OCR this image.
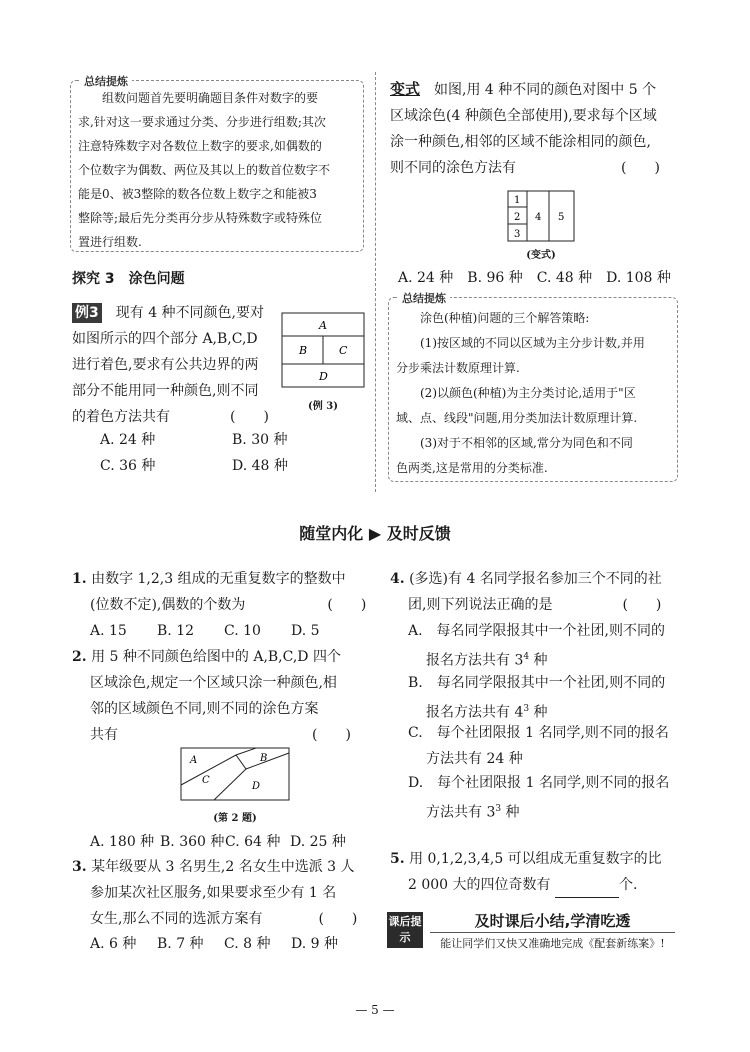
总结提炼
组数问题首先要明确题目条件对数字的要
求,针对这一要求通过分类、分步进行组数;其次
注意特殊数字对各数位上数字的要求,如偶数的
个位数字为偶数、两位及其以上的数首位数字不
能是0、被3整除的数各位数上数字之和能被3
整除等;最后先分类再分步从特殊数字或特殊位
置进行组数.
探究 3　涂色问题
例3　 现有 4 种不同颜色,要对
如图所示的四个部分 A,B,C,D
进行着色,要求有公共边界的两
部分不能用同一种颜色,则不同
的着色方法共有	(　　)
A
B	C
D
(例 3)
A. 24 种	B. 30 种
C. 36 种	D. 48 种
变式　 如图,用 4 种不同的颜色对图中 5 个
区域涂色(4 种颜色全部使用),要求每个区域
涂一种颜色,相邻的区域不能涂相同的颜色,
则不同的涂色方法有	(　　)
1
2
3
4 5
(变式)
A. 24 种　B. 96 种　C. 48 种　D. 108 种
总结提炼
涂色(种植)问题的三个解答策略:
(1)按区域的不同以区域为主分步计数,并用
分步乘法计数原理计算.
(2)以颜色(种植)为主分类讨论,适用于"区
域、点、线段"问题,用分类加法计数原理计算.
(3)对于不相邻的区域,常分为同色和不同
色两类,这是常用的分类标准.
随堂内化 ▶ 及时反馈
1. 由数字 1,2,3 组成的无重复数字的整数中
(位数不定),偶数的个数为	(　　)
A. 15 B. 12 C. 10 D. 5
2. 用 5 种不同颜色给图中的 A,B,C,D 四个
区域涂色,规定一个区域只涂一种颜色,相
邻的区域颜色不同,则不同的涂色方案
共有	(　　)
A	B
C
D
(第 2 题)
A. 180 种 B. 360 种 C. 64 种 D. 25 种
3. 某年级要从 3 名男生,2 名女生中选派 3 人
参加某次社区服务,如果要求至少有 1 名
女生,那么不同的选派方案有	(　　)
A. 6 种 B. 7 种 C. 8 种 D. 9 种
4. (多选)有 4 名同学报名参加三个不同的社
团,则下列说法正确的是	(　　)
A.　每名同学限报其中一个社团,则不同的
报名方法共有 $3^4$ 种
B.　每名同学限报其中一个社团,则不同的
报名方法共有 $4^3$ 种
C.　每个社团限报 1 名同学,则不同的报名
方法共有 24 种
D.　每个社团限报 1 名同学,则不同的报名
方法共有 $3^3$ 种
5. 用 0,1,2,3,4,5 可以组成无重复数字的比
2 000 大的四位奇数有	个.
课后提示
及时课后小结,学清吃透
能让同学们又快又准确地完成《配套新练案》!
— 5 —
